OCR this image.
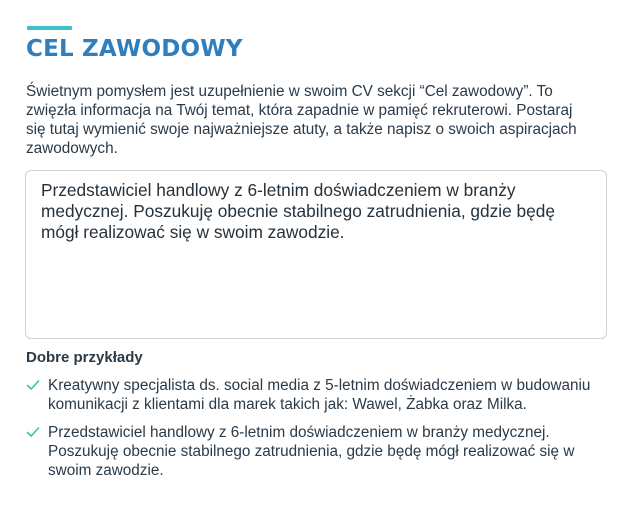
CEL ZAWODOWY

Świetnym pomysłem jest uzupełnienie w swoim CV sekcji “Cel zawodowy”. To zwięzła informacja na Twój temat, która zapadnie w pamięć rekruterowi. Postaraj się tutaj wymienić swoje najważniejsze atuty, a także napisz o swoich aspiracjach zawodowych.

Przedstawiciel handlowy z 6-letnim doświadczeniem w branży medycznej. Poszukuję obecnie stabilnego zatrudnienia, gdzie będę mógł realizować się w swoim zawodzie.

Dobre przykłady
Kreatywny specjalista ds. social media z 5-letnim doświadczeniem w budowaniu komunikacji z klientami dla marek takich jak: Wawel, Żabka oraz Milka.
Przedstawiciel handlowy z 6-letnim doświadczeniem w branży medycznej. Poszukuję obecnie stabilnego zatrudnienia, gdzie będę mógł realizować się w swoim zawodzie.
